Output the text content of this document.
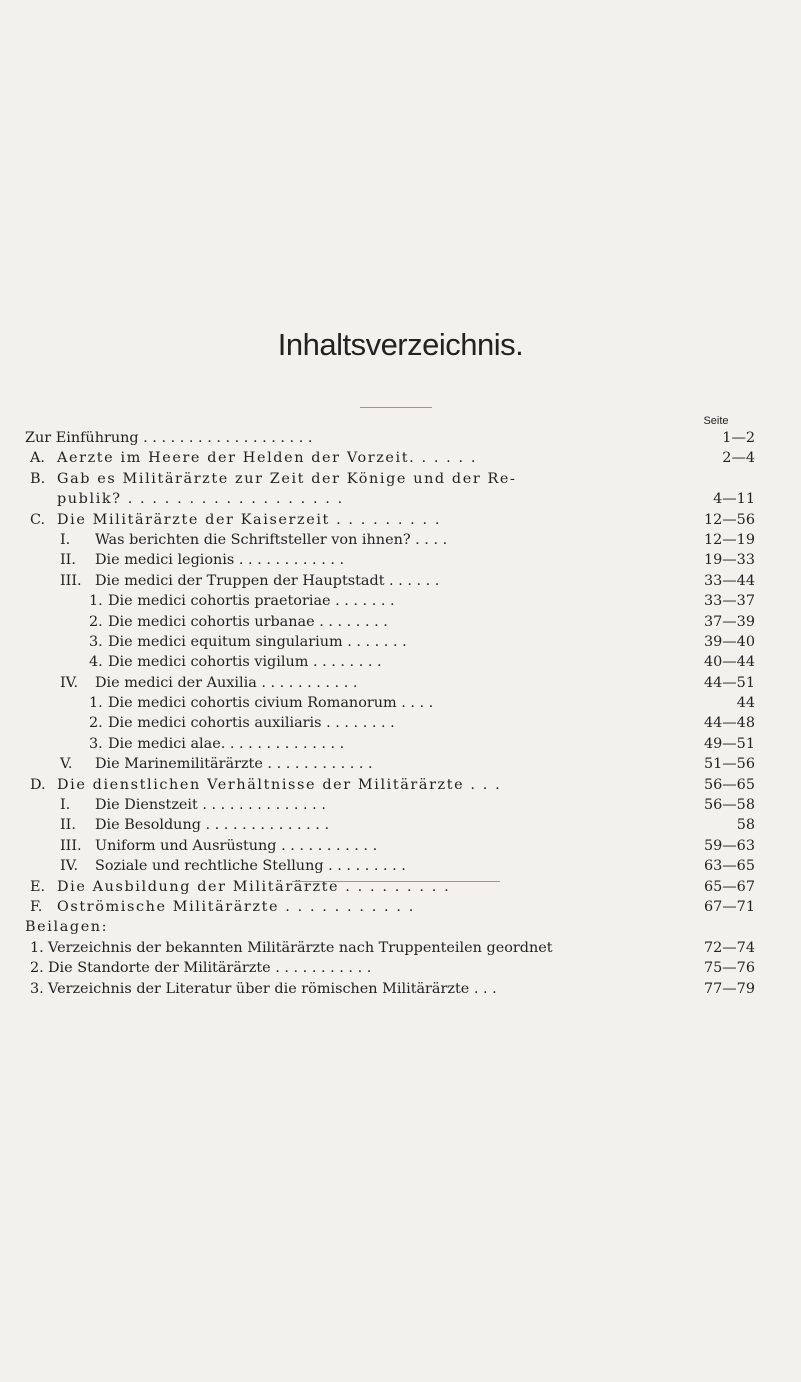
Inhaltsverzeichnis.
Seite
Zur Einführung . . . . . . . . . . . . . . . . . . .	1—2
A. Aerzte im Heere der Helden der Vorzeit. . . . . .	2—4
B. Gab es Militärärzte zur Zeit der Könige und der Re-
publik? . . . . . . . . . . . . . . . . . .	4—11
C. Die Militärärzte der Kaiserzeit . . . . . . . . .	12—56
I. Was berichten die Schriftsteller von ihnen? . . . .	12—19
II. Die medici legionis . . . . . . . . . . . .	19—33
III. Die medici der Truppen der Hauptstadt . . . . . .	33—44
1. Die medici cohortis praetoriae . . . . . . .	33—37
2. Die medici cohortis urbanae . . . . . . . .	37—39
3. Die medici equitum singularium . . . . . . .	39—40
4. Die medici cohortis vigilum . . . . . . . .	40—44
IV. Die medici der Auxilia . . . . . . . . . . .	44—51
1. Die medici cohortis civium Romanorum . . . .	44
2. Die medici cohortis auxiliaris . . . . . . . .	44—48
3. Die medici alae. . . . . . . . . . . . . .	49—51
V. Die Marinemilitärärzte . . . . . . . . . . . .	51—56
D. Die dienstlichen Verhältnisse der Militärärzte . . .	56—65
I. Die Dienstzeit . . . . . . . . . . . . . .	56—58
II. Die Besoldung . . . . . . . . . . . . . .	58
III. Uniform und Ausrüstung . . . . . . . . . . .	59—63
IV. Soziale und rechtliche Stellung . . . . . . . . .	63—65
E. Die Ausbildung der Militärärzte . . . . . . . . .	65—67
F. Oströmische Militärärzte . . . . . . . . . . .	67—71
Beilagen:
1. Verzeichnis der bekannten Militärärzte nach Truppenteilen geordnet	72—74
2. Die Standorte der Militärärzte . . . . . . . . . . .	75—76
3. Verzeichnis der Literatur über die römischen Militärärzte . . .	77—79
